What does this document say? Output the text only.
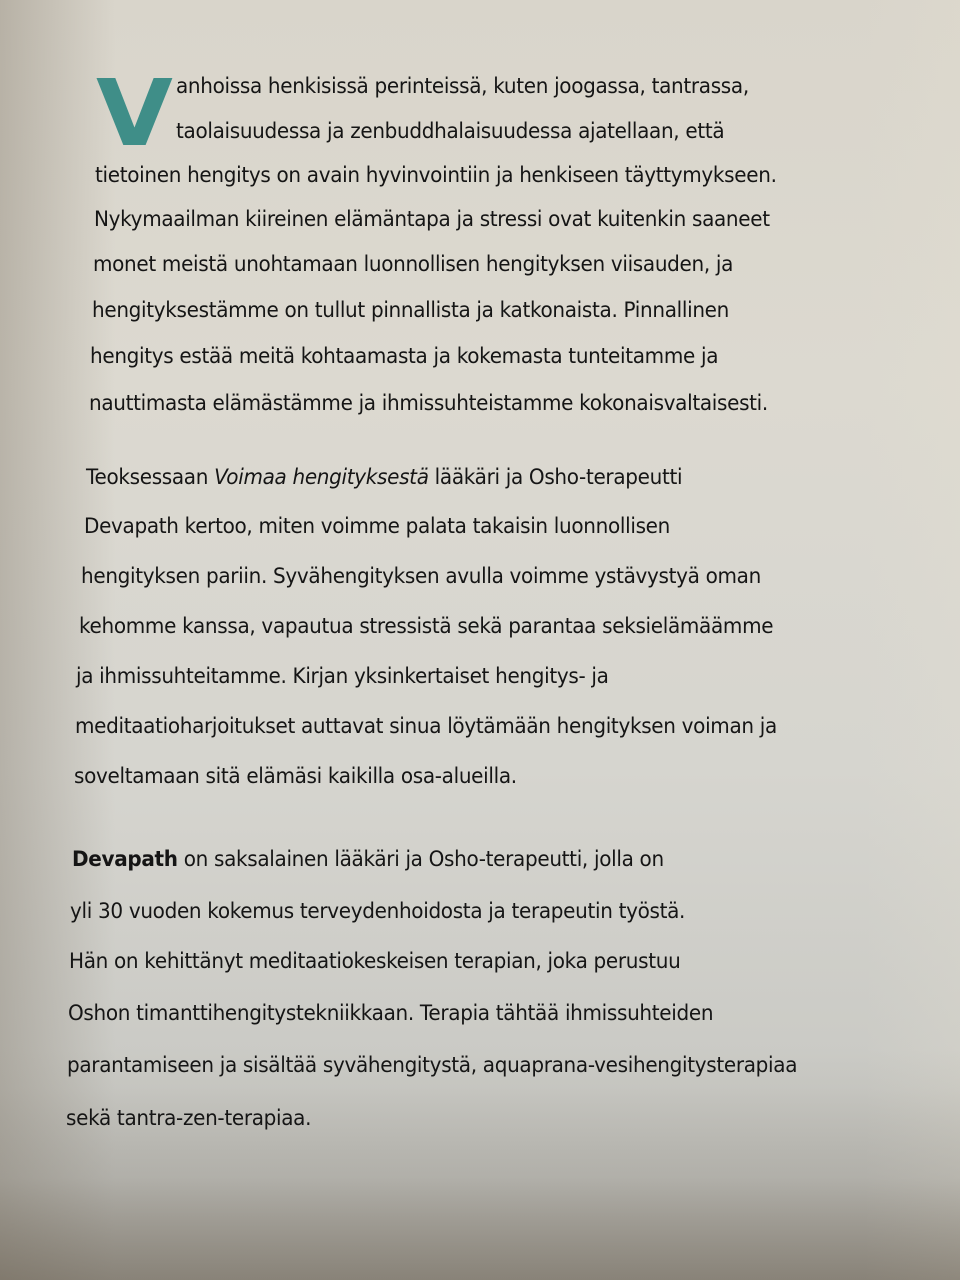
V anhoissa henkisissä perinteissä, kuten joogassa, tantrassa,
taolaisuudessa ja zenbuddhalaisuudessa ajatellaan, että
tietoinen hengitys on avain hyvinvointiin ja henkiseen täyttymykseen.
Nykymaailman kiireinen elämäntapa ja stressi ovat kuitenkin saaneet
monet meistä unohtamaan luonnollisen hengityksen viisauden, ja
hengityksestämme on tullut pinnallista ja katkonaista. Pinnallinen
hengitys estää meitä kohtaamasta ja kokemasta tunteitamme ja
nauttimasta elämästämme ja ihmissuhteistamme kokonaisvaltaisesti.
Teoksessaan Voimaa hengityksestä lääkäri ja Osho-terapeutti
Devapath kertoo, miten voimme palata takaisin luonnollisen
hengityksen pariin. Syvähengityksen avulla voimme ystävystyä oman
kehomme kanssa, vapautua stressistä sekä parantaa seksielämäämme
ja ihmissuhteitamme. Kirjan yksinkertaiset hengitys- ja
meditaatioharjoitukset auttavat sinua löytämään hengityksen voiman ja
soveltamaan sitä elämäsi kaikilla osa-alueilla.
Devapath on saksalainen lääkäri ja Osho-terapeutti, jolla on
yli 30 vuoden kokemus terveydenhoidosta ja terapeutin työstä.
Hän on kehittänyt meditaatiokeskeisen terapian, joka perustuu
Oshon timanttihengitystekniikkaan. Terapia tähtää ihmissuhteiden
parantamiseen ja sisältää syvähengitystä, aquaprana-vesihengitysterapiaa
sekä tantra-zen-terapiaa.
